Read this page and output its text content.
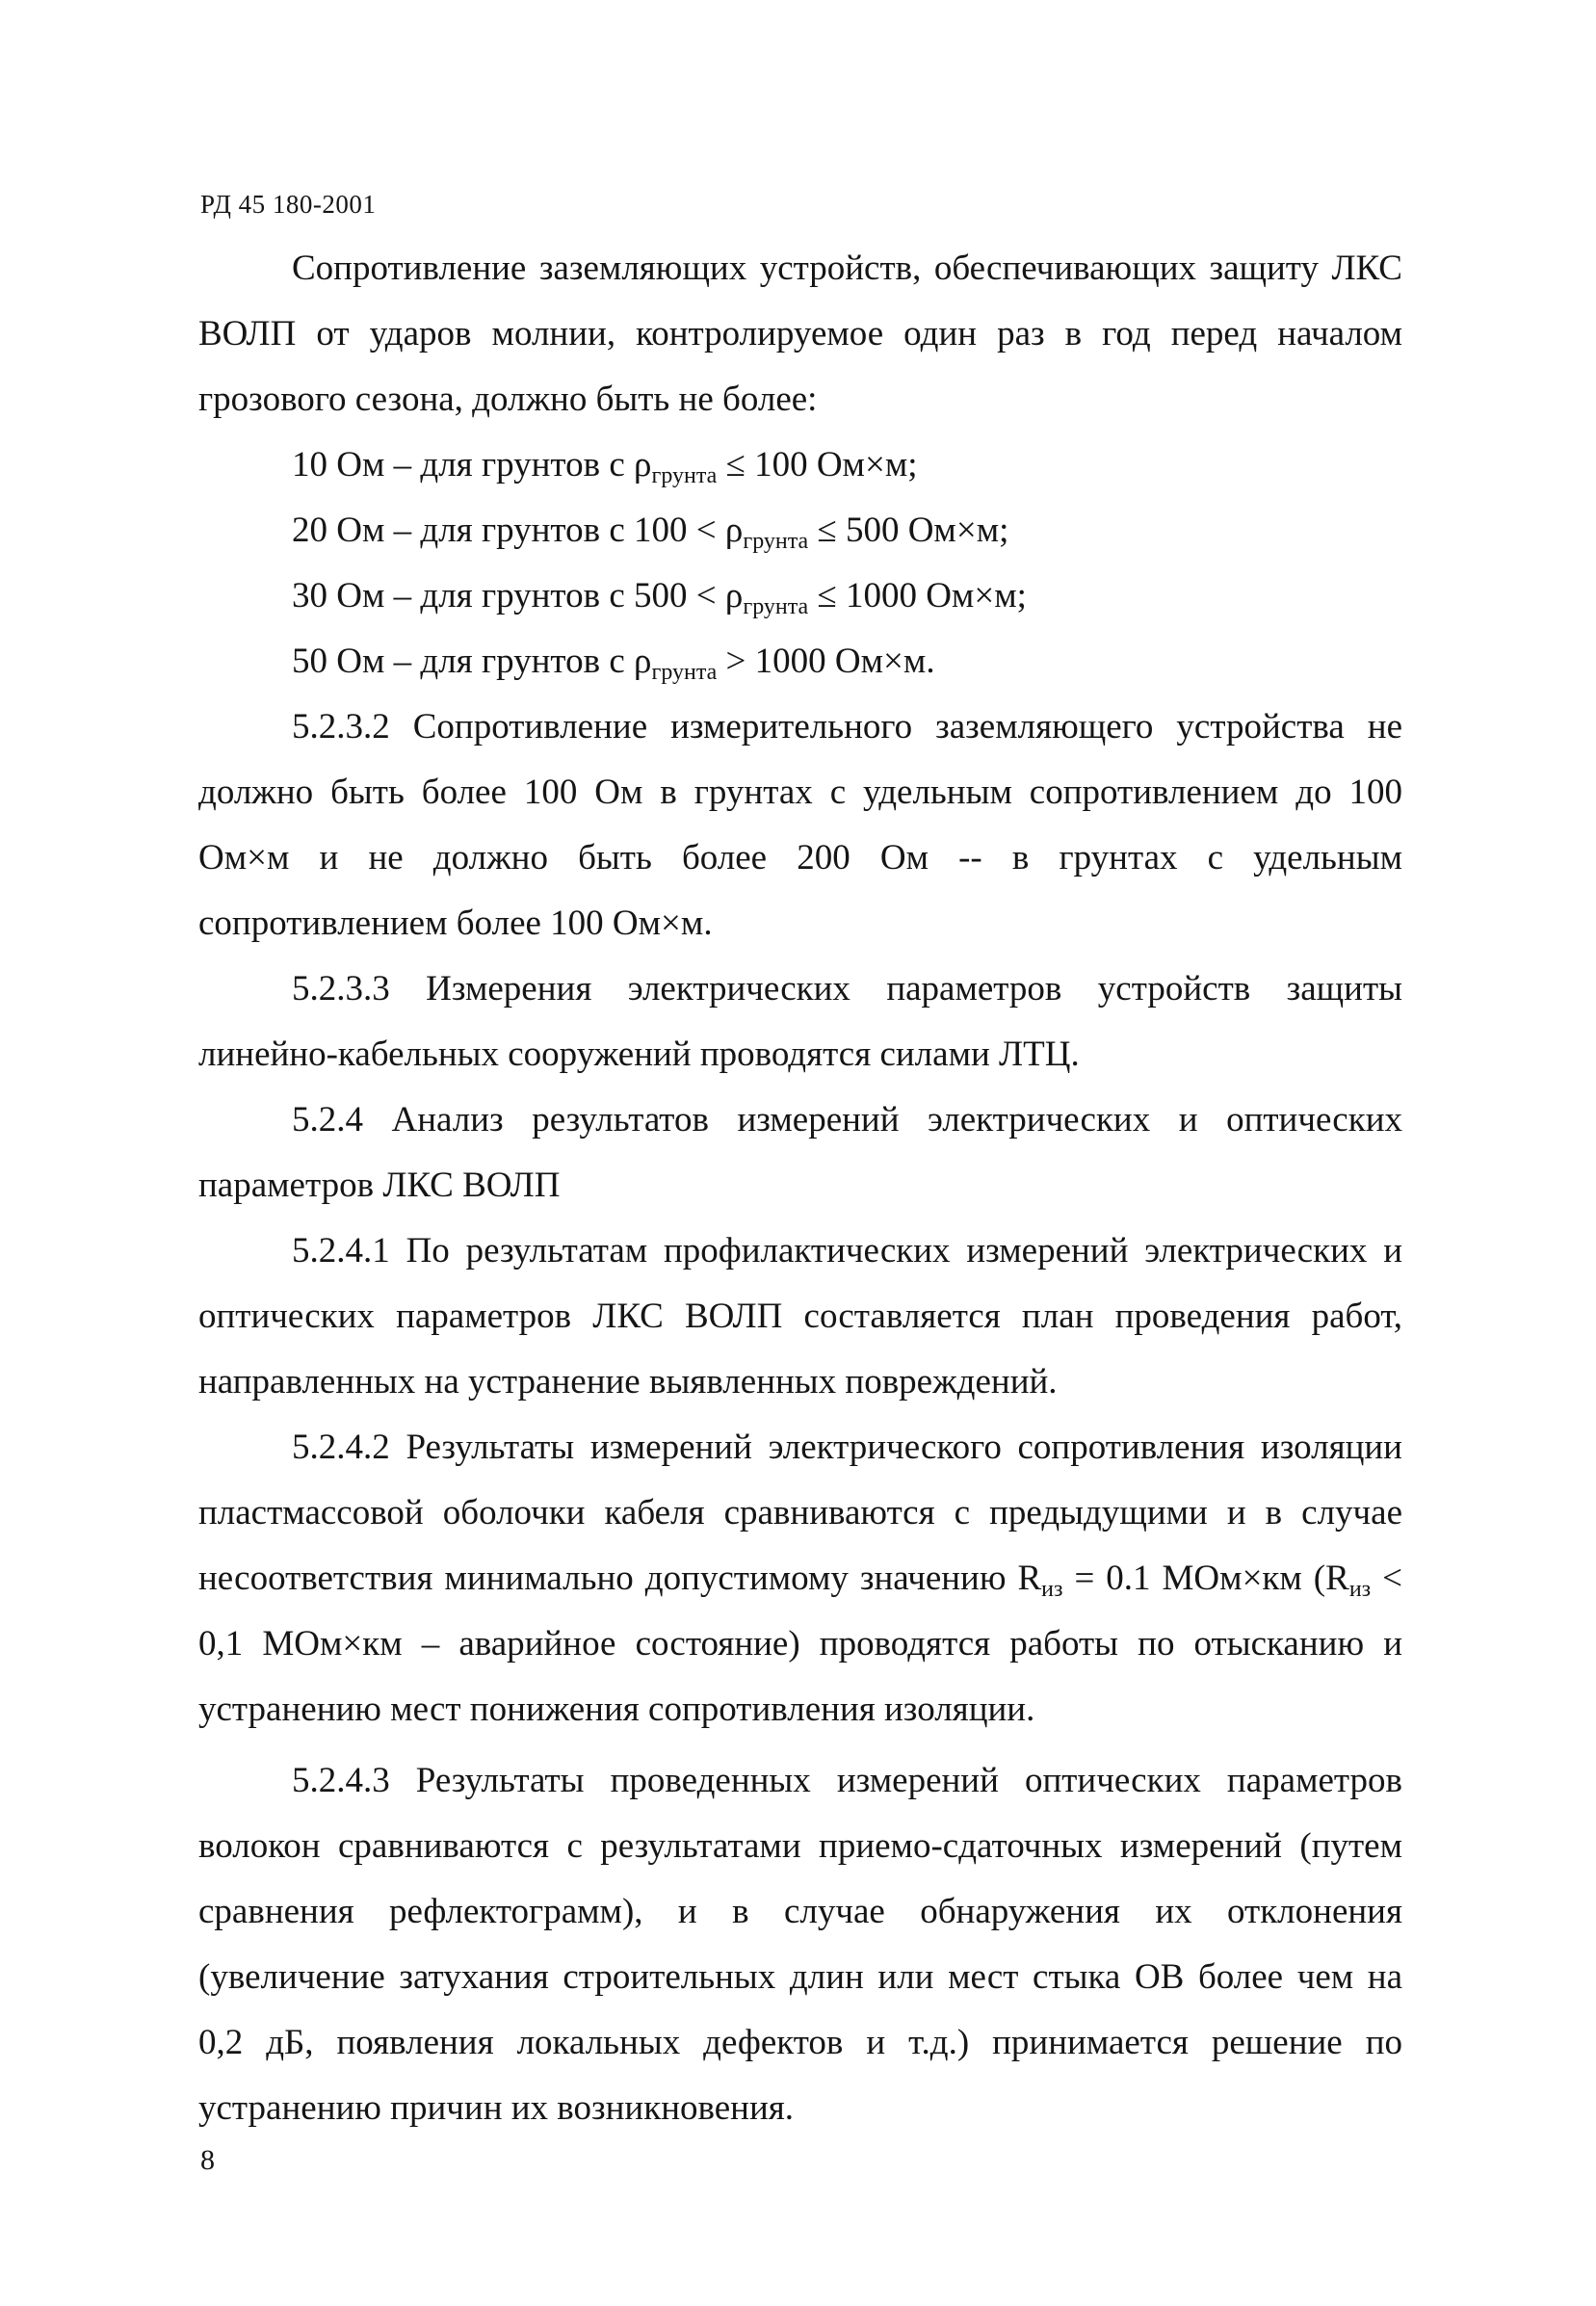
РД 45 180-2001

Сопротивление заземляющих устройств, обеспечивающих защиту ЛКС ВОЛП от ударов молнии, контролируемое один раз в год перед началом грозового сезона, должно быть не более:

10 Ом – для грунтов с $\rho_{грунта} \le 100$ Ом×м;

20 Ом – для грунтов с $100 < \rho_{грунта} \le 500$ Ом×м;

30 Ом – для грунтов с $500 < \rho_{грунта} \le 1000$ Ом×м;

50 Ом – для грунтов с $\rho_{грунта} > 1000$ Ом×м.

5.2.3.2 Сопротивление измерительного заземляющего устройства не должно быть более 100 Ом в грунтах с удельным сопротивлением до 100 Ом×м и не должно быть более 200 Ом -- в грунтах с удельным сопротивлением более 100 Ом×м.

5.2.3.3 Измерения электрических параметров устройств защиты линейно-кабельных сооружений проводятся силами ЛТЦ.

5.2.4 Анализ результатов измерений электрических и оптических параметров ЛКС ВОЛП

5.2.4.1 По результатам профилактических измерений электрических и оптических параметров ЛКС ВОЛП составляется план проведения работ, направленных на устранение выявленных повреждений.

5.2.4.2 Результаты измерений электрического сопротивления изоляции пластмассовой оболочки кабеля сравниваются с предыдущими и в случае несоответствия минимально допустимому значению $R_{из} = 0.1$ МОм×км ($R_{из} < 0,1$ МОм×км – аварийное состояние) проводятся работы по отысканию и устранению мест понижения сопротивления изоляции.

5.2.4.3 Результаты проведенных измерений оптических параметров волокон сравниваются с результатами приемо-сдаточных измерений (путем сравнения рефлектограмм), и в случае обнаружения их отклонения (увеличение затухания строительных длин или мест стыка ОВ более чем на 0,2 дБ, появления локальных дефектов и т.д.) принимается решение по устранению причин их возникновения.

8
